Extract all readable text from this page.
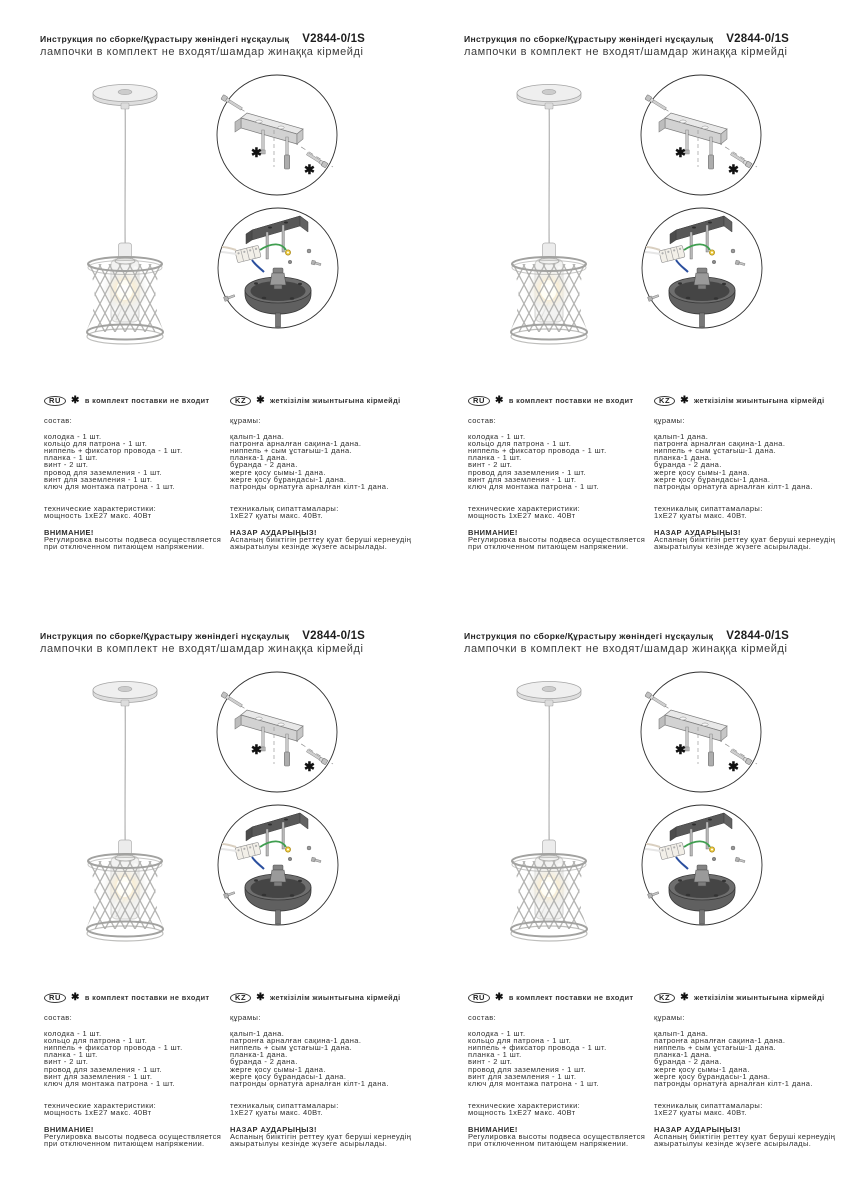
Инструкция по сборке/Құрастыру жөніндегі нұсқаулық V2844-0/1S
лампочки в комплект не входят/шамдар жинаққа кірмейді
✱
✱
RU	✱ в комплект поставки не входит
состав:
колодка - 1 шт.
кольцо для патрона - 1 шт.
ниппель + фиксатор провода - 1 шт.
планка - 1 шт.
винт - 2 шт.
провод для заземления - 1 шт.
винт для заземления - 1 шт.
ключ для монтажа патрона - 1 шт.
технические характеристики:
мощность 1хЕ27 макс. 40Вт
ВНИМАНИЕ!
Регулировка высоты подвеса осуществляется
при отключенном питающем напряжении.
KZ	✱ жеткізілім жиынтығына кірмейді
құрамы:
қалып-1 дана.
патронға арналған сақина-1 дана.
ниппель + сым ұстағыш-1 дана.
планка-1 дана.
бұранда - 2 дана.
жерге қосу сымы-1 дана.
жерге қосу бұрандасы-1 дана.
патронды орнатуға арналған кілт-1 дана.
техникалық сипаттамалары:
1хЕ27 қуаты макс. 40Вт.
НАЗАР АУДАРЫҢЫЗ!
Аспаның биіктігін реттеу қуат беруші кернеудің
ажыратылуы кезінде жүзеге асырылады.
Инструкция по сборке/Құрастыру жөніндегі нұсқаулық V2844-0/1S
лампочки в комплект не входят/шамдар жинаққа кірмейді
✱
✱
RU	✱ в комплект поставки не входит
состав:
колодка - 1 шт.
кольцо для патрона - 1 шт.
ниппель + фиксатор провода - 1 шт.
планка - 1 шт.
винт - 2 шт.
провод для заземления - 1 шт.
винт для заземления - 1 шт.
ключ для монтажа патрона - 1 шт.
технические характеристики:
мощность 1хЕ27 макс. 40Вт
ВНИМАНИЕ!
Регулировка высоты подвеса осуществляется
при отключенном питающем напряжении.
KZ	✱ жеткізілім жиынтығына кірмейді
құрамы:
қалып-1 дана.
патронға арналған сақина-1 дана.
ниппель + сым ұстағыш-1 дана.
планка-1 дана.
бұранда - 2 дана.
жерге қосу сымы-1 дана.
жерге қосу бұрандасы-1 дана.
патронды орнатуға арналған кілт-1 дана.
техникалық сипаттамалары:
1хЕ27 қуаты макс. 40Вт.
НАЗАР АУДАРЫҢЫЗ!
Аспаның биіктігін реттеу қуат беруші кернеудің
ажыратылуы кезінде жүзеге асырылады.
Инструкция по сборке/Құрастыру жөніндегі нұсқаулық V2844-0/1S
лампочки в комплект не входят/шамдар жинаққа кірмейді
✱
✱
RU	✱ в комплект поставки не входит
состав:
колодка - 1 шт.
кольцо для патрона - 1 шт.
ниппель + фиксатор провода - 1 шт.
планка - 1 шт.
винт - 2 шт.
провод для заземления - 1 шт.
винт для заземления - 1 шт.
ключ для монтажа патрона - 1 шт.
технические характеристики:
мощность 1хЕ27 макс. 40Вт
ВНИМАНИЕ!
Регулировка высоты подвеса осуществляется
при отключенном питающем напряжении.
KZ	✱ жеткізілім жиынтығына кірмейді
құрамы:
қалып-1 дана.
патронға арналған сақина-1 дана.
ниппель + сым ұстағыш-1 дана.
планка-1 дана.
бұранда - 2 дана.
жерге қосу сымы-1 дана.
жерге қосу бұрандасы-1 дана.
патронды орнатуға арналған кілт-1 дана.
техникалық сипаттамалары:
1хЕ27 қуаты макс. 40Вт.
НАЗАР АУДАРЫҢЫЗ!
Аспаның биіктігін реттеу қуат беруші кернеудің
ажыратылуы кезінде жүзеге асырылады.
Инструкция по сборке/Құрастыру жөніндегі нұсқаулық V2844-0/1S
лампочки в комплект не входят/шамдар жинаққа кірмейді
✱
✱
RU	✱ в комплект поставки не входит
состав:
колодка - 1 шт.
кольцо для патрона - 1 шт.
ниппель + фиксатор провода - 1 шт.
планка - 1 шт.
винт - 2 шт.
провод для заземления - 1 шт.
винт для заземления - 1 шт.
ключ для монтажа патрона - 1 шт.
технические характеристики:
мощность 1хЕ27 макс. 40Вт
ВНИМАНИЕ!
Регулировка высоты подвеса осуществляется
при отключенном питающем напряжении.
KZ	✱ жеткізілім жиынтығына кірмейді
құрамы:
қалып-1 дана.
патронға арналған сақина-1 дана.
ниппель + сым ұстағыш-1 дана.
планка-1 дана.
бұранда - 2 дана.
жерге қосу сымы-1 дана.
жерге қосу бұрандасы-1 дана.
патронды орнатуға арналған кілт-1 дана.
техникалық сипаттамалары:
1хЕ27 қуаты макс. 40Вт.
НАЗАР АУДАРЫҢЫЗ!
Аспаның биіктігін реттеу қуат беруші кернеудің
ажыратылуы кезінде жүзеге асырылады.
